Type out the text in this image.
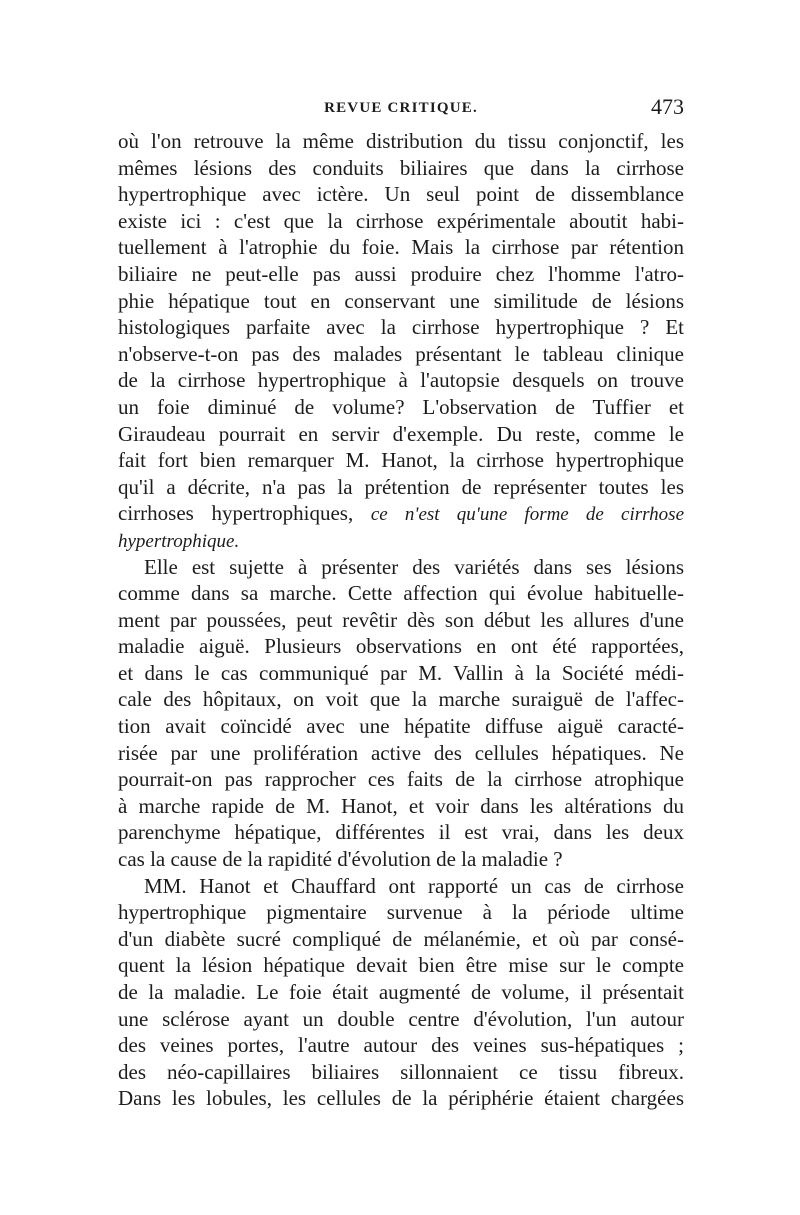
REVUE CRITIQUE.	473
où l'on retrouve la même distribution du tissu conjonctif, les
mêmes lésions des conduits biliaires que dans la cirrhose
hypertrophique avec ictère. Un seul point de dissemblance
existe ici : c'est que la cirrhose expérimentale aboutit habi-
tuellement à l'atrophie du foie. Mais la cirrhose par rétention
biliaire ne peut-elle pas aussi produire chez l'homme l'atro-
phie hépatique tout en conservant une similitude de lésions
histologiques parfaite avec la cirrhose hypertrophique ? Et
n'observe-t-on pas des malades présentant le tableau clinique
de la cirrhose hypertrophique à l'autopsie desquels on trouve
un foie diminué de volume? L'observation de Tuffier et
Giraudeau pourrait en servir d'exemple. Du reste, comme le
fait fort bien remarquer M. Hanot, la cirrhose hypertrophique
qu'il a décrite, n'a pas la prétention de représenter toutes les
cirrhoses hypertrophiques, ce n'est qu'une forme de cirrhose
hypertrophique.
Elle est sujette à présenter des variétés dans ses lésions
comme dans sa marche. Cette affection qui évolue habituelle-
ment par poussées, peut revêtir dès son début les allures d'une
maladie aiguë. Plusieurs observations en ont été rapportées,
et dans le cas communiqué par M. Vallin à la Société médi-
cale des hôpitaux, on voit que la marche suraiguë de l'affec-
tion avait coïncidé avec une hépatite diffuse aiguë caracté-
risée par une prolifération active des cellules hépatiques. Ne
pourrait-on pas rapprocher ces faits de la cirrhose atrophique
à marche rapide de M. Hanot, et voir dans les altérations du
parenchyme hépatique, différentes il est vrai, dans les deux
cas la cause de la rapidité d'évolution de la maladie ?
MM. Hanot et Chauffard ont rapporté un cas de cirrhose
hypertrophique pigmentaire survenue à la période ultime
d'un diabète sucré compliqué de mélanémie, et où par consé-
quent la lésion hépatique devait bien être mise sur le compte
de la maladie. Le foie était augmenté de volume, il présentait
une sclérose ayant un double centre d'évolution, l'un autour
des veines portes, l'autre autour des veines sus-hépatiques ;
des néo-capillaires biliaires sillonnaient ce tissu fibreux.
Dans les lobules, les cellules de la périphérie étaient chargées
